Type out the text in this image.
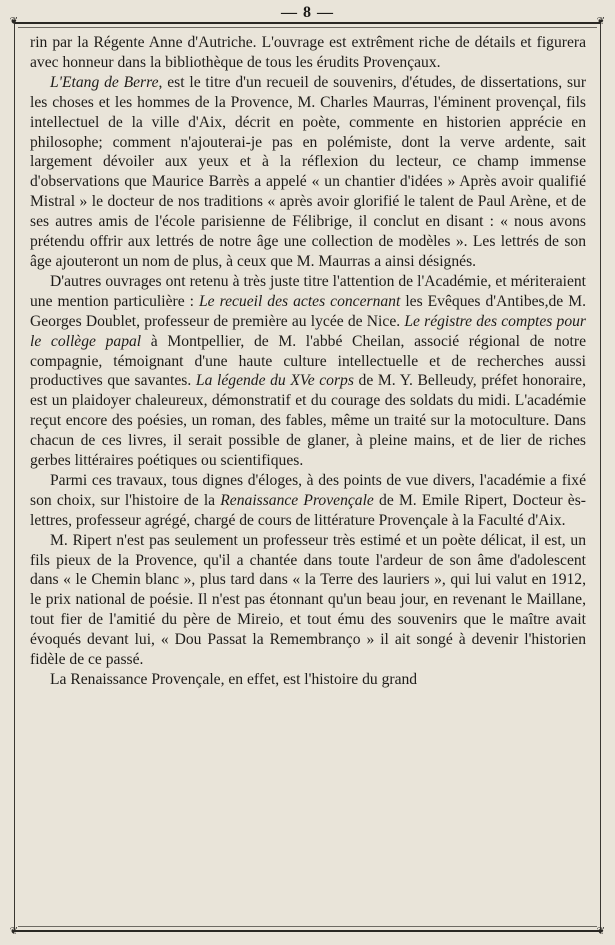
— 8 —
❦	❦
❦	❦

rin par la Régente Anne d'Autriche. L'ouvrage est extrêment riche de détails et figurera avec honneur dans la bibliothèque de tous les érudits Provençaux.

L'Etang de Berre, est le titre d'un recueil de souvenirs, d'études, de dissertations, sur les choses et les hommes de la Provence, M. Charles Maurras, l'éminent provençal, fils intellectuel de la ville d'Aix, décrit en poète, commente en historien apprécie en philosophe; comment n'ajouterai-je pas en polémiste, dont la verve ardente, sait largement dévoiler aux yeux et à la réflexion du lecteur, ce champ immense d'observations que Maurice Barrès a appelé « un chantier d'idées » Après avoir qualifié Mistral » le docteur de nos traditions « après avoir glorifié le talent de Paul Arène, et de ses autres amis de l'école parisienne de Félibrige, il conclut en disant : « nous avons prétendu offrir aux lettrés de notre âge une collection de modèles ». Les lettrés de son âge ajouteront un nom de plus, à ceux que M. Maurras a ainsi désignés.

D'autres ouvrages ont retenu à très juste titre l'attention de l'Académie, et mériteraient une mention particulière : Le recueil des actes concernant les Evêques d'Antibes,de M. Georges Doublet, professeur de première au lycée de Nice. Le régistre des comptes pour le collège papal à Montpellier, de M. l'abbé Cheilan, associé régional de notre compagnie, témoignant d'une haute culture intellectuelle et de recherches aussi productives que savantes. La légende du XVe corps de M. Y. Belleudy, préfet honoraire, est un plaidoyer chaleureux, démonstratif et du courage des soldats du midi. L'académie reçut encore des poésies, un roman, des fables, même un traité sur la motoculture. Dans chacun de ces livres, il serait possible de glaner, à pleine mains, et de lier de riches gerbes littéraires poétiques ou scientifiques.

Parmi ces travaux, tous dignes d'éloges, à des points de vue divers, l'académie a fixé son choix, sur l'histoire de la Renaissance Provençale de M. Emile Ripert, Docteur ès-lettres, professeur agrégé, chargé de cours de littérature Provençale à la Faculté d'Aix.

M. Ripert n'est pas seulement un professeur très estimé et un poète délicat, il est, un fils pieux de la Provence, qu'il a chantée dans toute l'ardeur de son âme d'adolescent dans « le Chemin blanc », plus tard dans « la Terre des lauriers », qui lui valut en 1912, le prix national de poésie. Il n'est pas étonnant qu'un beau jour, en revenant le Maillane, tout fier de l'amitié du père de Mireio, et tout ému des souvenirs que le maître avait évoqués devant lui, « Dou Passat la Remembranço » il ait songé à devenir l'historien fidèle de ce passé.

La Renaissance Provençale, en effet, est l'histoire du grand
